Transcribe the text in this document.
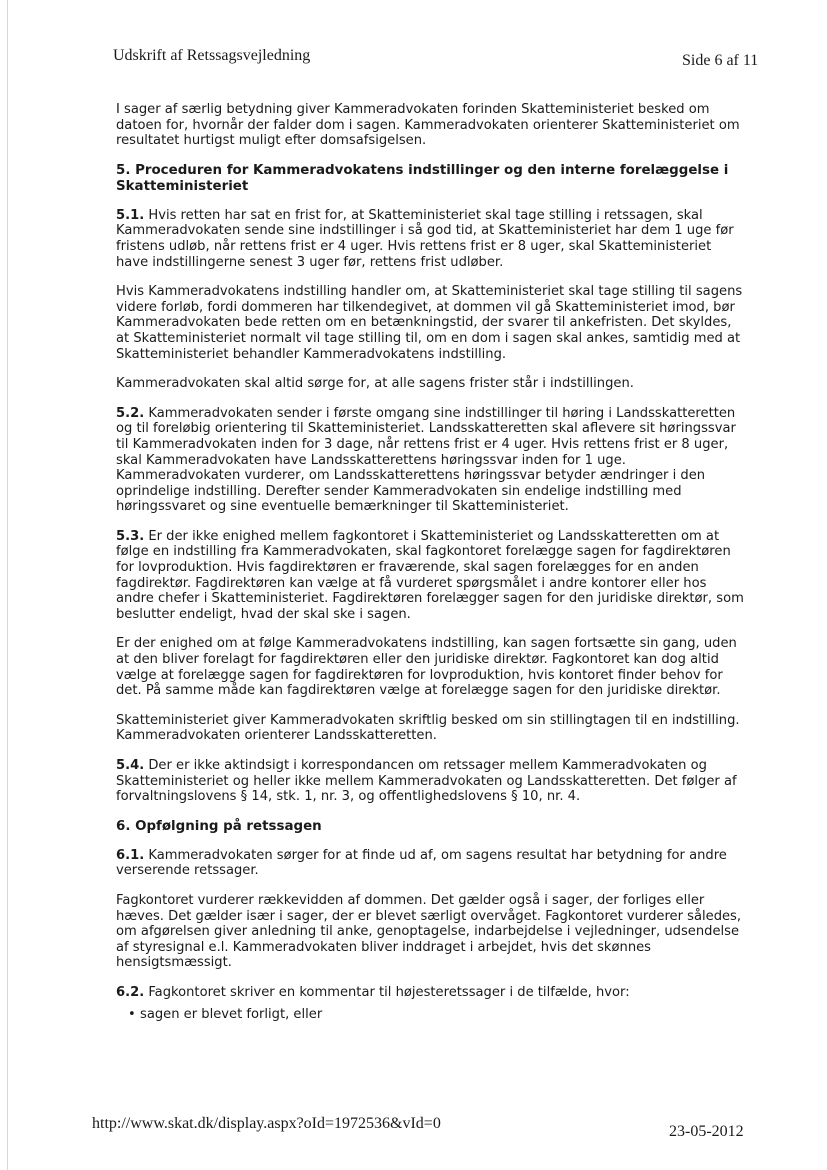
Udskrift af Retssagsvejledning	Side 6 af 11

I sager af særlig betydning giver Kammeradvokaten forinden Skatteministeriet besked om datoen for, hvornår der falder dom i sagen. Kammeradvokaten orienterer Skatteministeriet om resultatet hurtigst muligt efter domsafsigelsen.

5. Proceduren for Kammeradvokatens indstillinger og den interne forelæggelse i Skatteministeriet

5.1. Hvis retten har sat en frist for, at Skatteministeriet skal tage stilling i retssagen, skal Kammeradvokaten sende sine indstillinger i så god tid, at Skatteministeriet har dem 1 uge før fristens udløb, når rettens frist er 4 uger. Hvis rettens frist er 8 uger, skal Skatteministeriet have indstillingerne senest 3 uger før, rettens frist udløber.

Hvis Kammeradvokatens indstilling handler om, at Skatteministeriet skal tage stilling til sagens videre forløb, fordi dommeren har tilkendegivet, at dommen vil gå Skatteministeriet imod, bør Kammeradvokaten bede retten om en betænkningstid, der svarer til ankefristen. Det skyldes, at Skatteministeriet normalt vil tage stilling til, om en dom i sagen skal ankes, samtidig med at Skatteministeriet behandler Kammeradvokatens indstilling.

Kammeradvokaten skal altid sørge for, at alle sagens frister står i indstillingen.

5.2. Kammeradvokaten sender i første omgang sine indstillinger til høring i Landsskatteretten og til foreløbig orientering til Skatteministeriet. Landsskatteretten skal aflevere sit høringssvar til Kammeradvokaten inden for 3 dage, når rettens frist er 4 uger. Hvis rettens frist er 8 uger, skal Kammeradvokaten have Landsskatterettens høringssvar inden for 1 uge. Kammeradvokaten vurderer, om Landsskatterettens høringssvar betyder ændringer i den oprindelige indstilling. Derefter sender Kammeradvokaten sin endelige indstilling med høringssvaret og sine eventuelle bemærkninger til Skatteministeriet.

5.3. Er der ikke enighed mellem fagkontoret i Skatteministeriet og Landsskatteretten om at følge en indstilling fra Kammeradvokaten, skal fagkontoret forelægge sagen for fagdirektøren for lovproduktion. Hvis fagdirektøren er fraværende, skal sagen forelægges for en anden fagdirektør. Fagdirektøren kan vælge at få vurderet spørgsmålet i andre kontorer eller hos andre chefer i Skatteministeriet. Fagdirektøren forelægger sagen for den juridiske direktør, som beslutter endeligt, hvad der skal ske i sagen.

Er der enighed om at følge Kammeradvokatens indstilling, kan sagen fortsætte sin gang, uden at den bliver forelagt for fagdirektøren eller den juridiske direktør. Fagkontoret kan dog altid vælge at forelægge sagen for fagdirektøren for lovproduktion, hvis kontoret finder behov for det. På samme måde kan fagdirektøren vælge at forelægge sagen for den juridiske direktør.

Skatteministeriet giver Kammeradvokaten skriftlig besked om sin stillingtagen til en indstilling. Kammeradvokaten orienterer Landsskatteretten.

5.4. Der er ikke aktindsigt i korrespondancen om retssager mellem Kammeradvokaten og Skatteministeriet og heller ikke mellem Kammeradvokaten og Landsskatteretten. Det følger af forvaltningslovens § 14, stk. 1, nr. 3, og offentlighedslovens § 10, nr. 4.

6. Opfølgning på retssagen

6.1. Kammeradvokaten sørger for at finde ud af, om sagens resultat har betydning for andre verserende retssager.

Fagkontoret vurderer rækkevidden af dommen. Det gælder også i sager, der forliges eller hæves. Det gælder især i sager, der er blevet særligt overvåget. Fagkontoret vurderer således, om afgørelsen giver anledning til anke, genoptagelse, indarbejdelse i vejledninger, udsendelse af styresignal e.l. Kammeradvokaten bliver inddraget i arbejdet, hvis det skønnes hensigtsmæssigt.

6.2. Fagkontoret skriver en kommentar til højesteretssager i de tilfælde, hvor:

• sagen er blevet forligt, eller
http://www.skat.dk/display.aspx?oId=1972536&vId=0	23-05-2012
